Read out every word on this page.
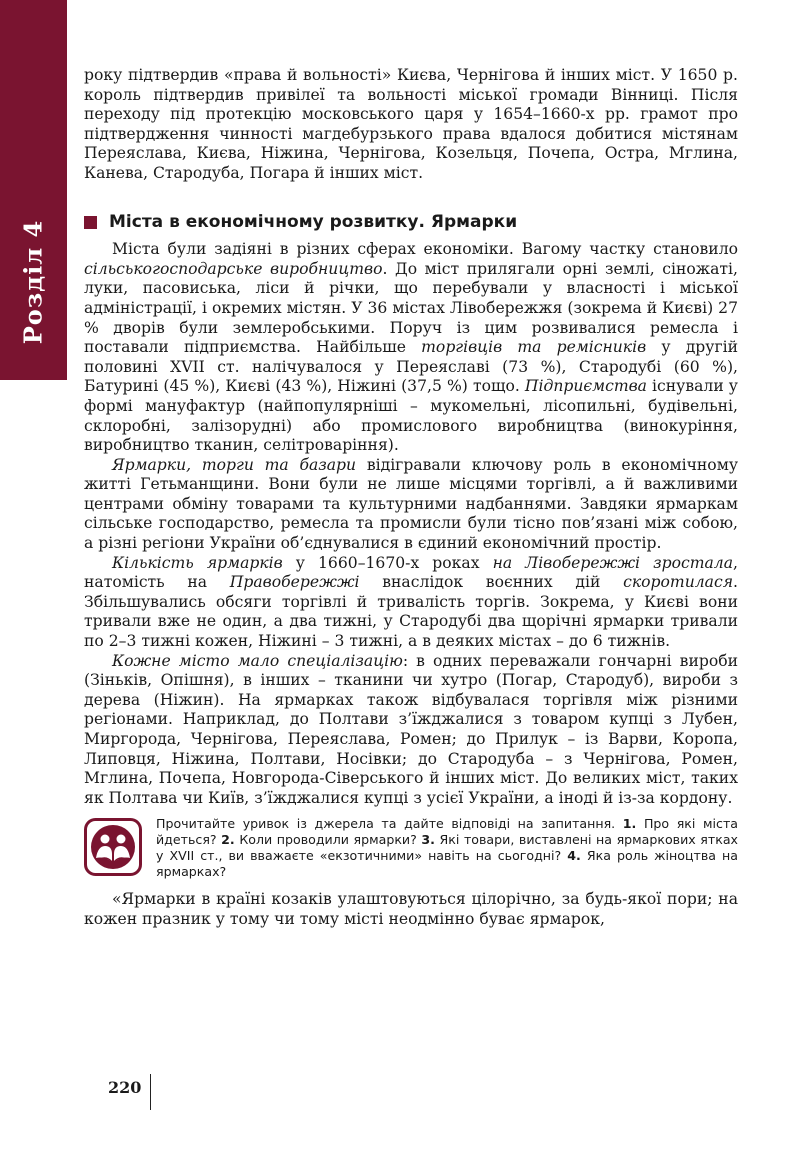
Розділ 4

року підтвердив «права й вольності» Києва, Чернігова й інших міст. У 1650 р. король підтвердив привілеї та вольності міської громади Вінниці. Після переходу під протекцію московського царя у 1654–1660-х рр. грамот про підтвердження чинності магдебурзького права вдалося добитися містянам Переяслава, Києва, Ніжина, Чернігова, Козельця, Почепа, Остра, Мглина, Канева, Стародуба, Погара й інших міст.

Міста в економічному розвитку. Ярмарки

Міста були задіяні в різних сферах економіки. Вагому частку становило сільськогосподарське виробництво. До міст прилягали орні землі, сіножаті, луки, пасовиська, ліси й річки, що перебували у власності і міської адміністрації, і окремих містян. У 36 містах Лівобережжя (зокрема й Києві) 27 % дворів були землеробськими. Поруч із цим розвивалися ремесла і поставали підприємства. Найбільше торгівців та ремісників у другій половині XVII ст. налічувалося у Переяславі (73 %), Стародубі (60 %), Батурині (45 %), Києві (43 %), Ніжині (37,5 %) тощо. Підприємства існували у формі мануфактур (найпопулярніші – мукомельні, лісопильні, будівельні, склоробні, залізорудні) або промислового виробництва (винокуріння, виробництво тканин, селітроваріння).

Ярмарки, торги та базари відігравали ключову роль в економічному житті Гетьманщини. Вони були не лише місцями торгівлі, а й важливими центрами обміну товарами та культурними надбаннями. Завдяки ярмаркам сільське господарство, ремесла та промисли були тісно пов’язані між собою, а різні регіони України об’єднувалися в єдиний економічний простір.

Кількість ярмарків у 1660–1670-х роках на Лівобережжі зростала, натомість на Правобережжі внаслідок воєнних дій скоротилася. Збільшувались обсяги торгівлі й тривалість торгів. Зокрема, у Києві вони тривали вже не один, а два тижні, у Стародубі два щорічні ярмарки тривали по 2–3 тижні кожен, Ніжині – 3 тижні, а в деяких містах – до 6 тижнів.

Кожне місто мало спеціалізацію: в одних переважали гончарні вироби (Зіньків, Опішня), в інших – тканини чи хутро (Погар, Стародуб), вироби з дерева (Ніжин). На ярмарках також відбувалася торгівля між різними регіонами. Наприклад, до Полтави з’їжджалися з товаром купці з Лубен, Миргорода, Чернігова, Переяслава, Ромен; до Прилук – із Варви, Коропа, Липовця, Ніжина, Полтави, Носівки; до Стародуба – з Чернігова, Ромен, Мглина, Почепа, Новгорода-Сіверського й інших міст. До великих міст, таких як Полтава чи Київ, з’їжджалися купці з усієї України, а іноді й із-за кордону.

Прочитайте уривок із джерела та дайте відповіді на запитання. 1. Про які міста йдеться? 2. Коли проводили ярмарки? 3. Які товари, виставлені на ярмаркових ятках у XVII ст., ви вважаєте «екзотичними» навіть на сьогодні? 4. Яка роль жіноцтва на ярмарках?

«Ярмарки в країні козаків улаштовуються цілорічно, за будь-якої пори; на кожен празник у тому чи тому місті неодмінно буває ярмарок,

220
